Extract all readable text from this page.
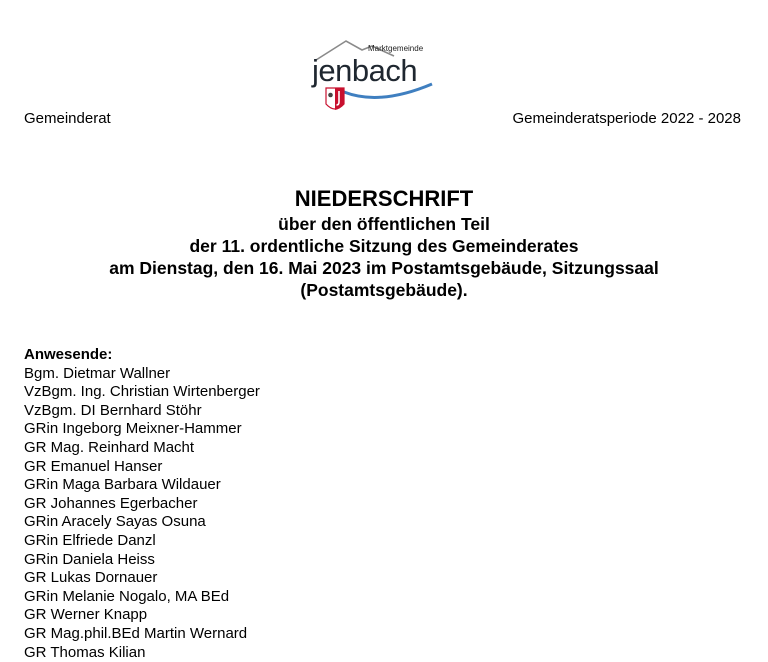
Marktgemeinde
jenbach
Gemeinderat	Gemeinderatsperiode 2022 - 2028
NIEDERSCHRIFT
über den öffentlichen Teil
der 11. ordentliche Sitzung des Gemeinderates
am Dienstag, den 16. Mai 2023 im Postamtsgebäude, Sitzungssaal
(Postamtsgebäude).
Anwesende:
Bgm. Dietmar Wallner
VzBgm. Ing. Christian Wirtenberger
VzBgm. DI Bernhard Stöhr
GRin Ingeborg Meixner-Hammer
GR Mag. Reinhard Macht
GR Emanuel Hanser
GRin Maga Barbara Wildauer
GR Johannes Egerbacher
GRin Aracely Sayas Osuna
GRin Elfriede Danzl
GRin Daniela Heiss
GR Lukas Dornauer
GRin Melanie Nogalo, MA BEd
GR Werner Knapp
GR Mag.phil.BEd Martin Wernard
GR Thomas Kilian
